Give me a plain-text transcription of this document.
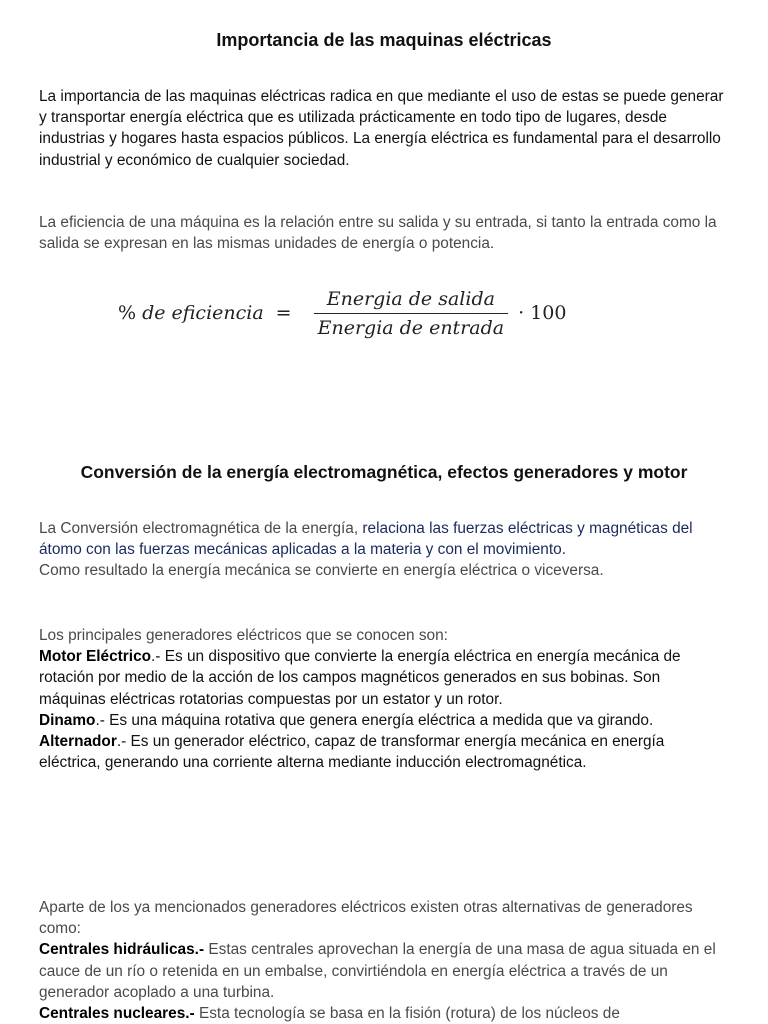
Importancia de las maquinas eléctricas

La importancia de las maquinas eléctricas radica en que mediante el uso de estas se puede generar y transportar energía eléctrica que es utilizada prácticamente en todo tipo de lugares, desde industrias y hogares hasta espacios públicos. La energía eléctrica es fundamental para el desarrollo industrial y económico de cualquier sociedad.

La eficiencia de una máquina es la relación entre su salida y su entrada, si tanto la entrada como la salida se expresan en las mismas unidades de energía o potencia.

% de eficiencia = $\frac{\text{Energia de salida}}{\text{Energia de entrada}} \cdot 100$
Conversión de la energía electromagnética, efectos generadores y motor

La Conversión electromagnética de la energía, relaciona las fuerzas eléctricas y magnéticas del átomo con las fuerzas mecánicas aplicadas a la materia y con el movimiento.
Como resultado la energía mecánica se convierte en energía eléctrica o viceversa.

Los principales generadores eléctricos que se conocen son:
Motor Eléctrico.- Es un dispositivo que convierte la energía eléctrica en energía mecánica de rotación por medio de la acción de los campos magnéticos generados en sus bobinas. Son máquinas eléctricas rotatorias compuestas por un estator y un rotor.
Dinamo.- Es una máquina rotativa que genera energía eléctrica a medida que va girando.
Alternador.- Es un generador eléctrico, capaz de transformar energía mecánica en energía eléctrica, generando una corriente alterna mediante inducción electromagnética.

Aparte de los ya mencionados generadores eléctricos existen otras alternativas de generadores como:
Centrales hidráulicas.- Estas centrales aprovechan la energía de una masa de agua situada en el cauce de un río o retenida en un embalse, convirtiéndola en energía eléctrica a través de un generador acoplado a una turbina.
Centrales nucleares.- Esta tecnología se basa en la fisión (rotura) de los núcleos de
